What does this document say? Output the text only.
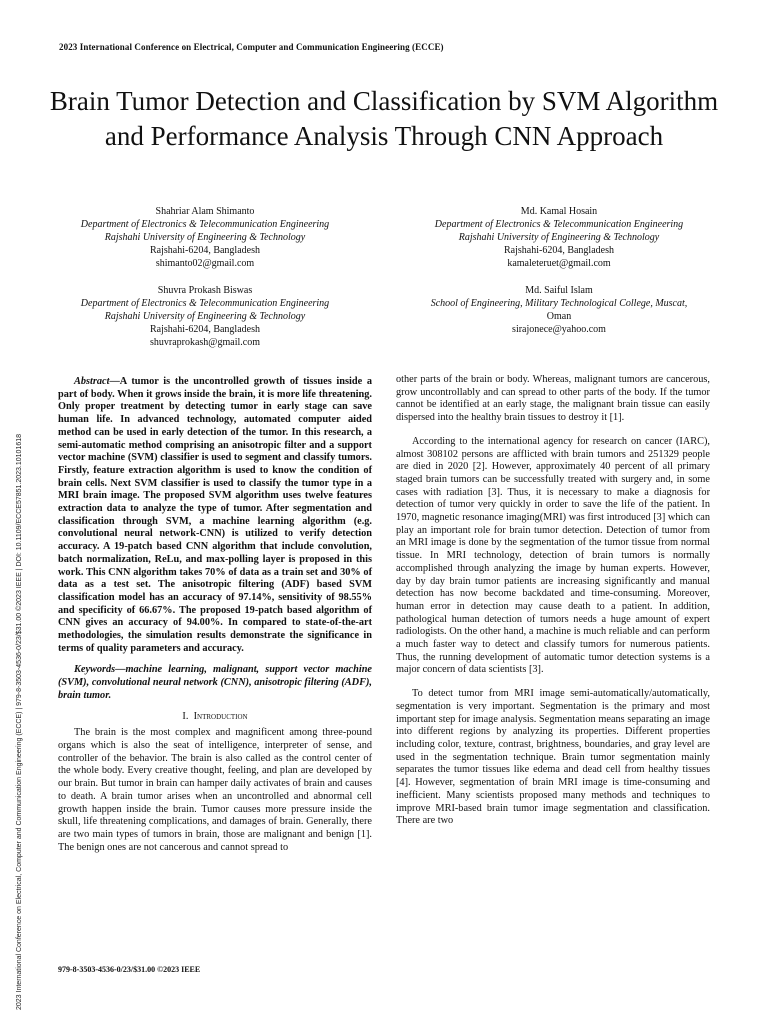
2023 International Conference on Electrical, Computer and Communication Engineering (ECCE)
Brain Tumor Detection and Classification by SVM Algorithm and Performance Analysis Through CNN Approach
Shahriar Alam Shimanto
Department of Electronics & Telecommunication Engineering
Rajshahi University of Engineering & Technology
Rajshahi-6204, Bangladesh
shimanto02@gmail.com
Md. Kamal Hosain
Department of Electronics & Telecommunication Engineering
Rajshahi University of Engineering & Technology
Rajshahi-6204, Bangladesh
kamaleteruet@gmail.com
Shuvra Prokash Biswas
Department of Electronics & Telecommunication Engineering
Rajshahi University of Engineering & Technology
Rajshahi-6204, Bangladesh
shuvraprokash@gmail.com
Md. Saiful Islam
School of Engineering, Military Technological College, Muscat,
Oman
sirajonece@yahoo.com
2023 International Conference on Electrical, Computer and Communication Engineering (ECCE) | 979-8-3503-4536-0/23/$31.00 ©2023 IEEE | DOI: 10.1109/ECCE57851.2023.10101618

Abstract—A tumor is the uncontrolled growth of tissues inside a part of body. When it grows inside the brain, it is more life threatening. Only proper treatment by detecting tumor in early stage can save human life. In advanced technology, automated computer aided method can be used in early detection of the tumor. In this research, a semi-automatic method comprising an anisotropic filter and a support vector machine (SVM) classifier is used to segment and classify tumors. Firstly, feature extraction algorithm is used to know the condition of brain cells. Next SVM classifier is used to classify the tumor type in a MRI brain image. The proposed SVM algorithm uses twelve features extraction data to analyze the type of tumor. After segmentation and classification through SVM, a machine learning algorithm (e.g. convolutional neural network-CNN) is utilized to verify detection accuracy. A 19-patch based CNN algorithm that include convolution, batch normalization, ReLu, and max-polling layer is proposed in this work. This CNN algorithm takes 70% of data as a train set and 30% of data as a test set. The anisotropic filtering (ADF) based SVM classification model has an accuracy of 97.14%, sensitivity of 98.55% and specificity of 66.67%. The proposed 19-patch based algorithm of CNN gives an accuracy of 94.00%. In compared to state-of-the-art methodologies, the simulation results demonstrate the significance in terms of quality parameters and accuracy.

Keywords—machine learning, malignant, support vector machine (SVM), convolutional neural network (CNN), anisotropic filtering (ADF), brain tumor.

I. Introduction

The brain is the most complex and magnificent among three-pound organs which is also the seat of intelligence, interpreter of sense, and controller of the behavior. The brain is also called as the control center of the whole body. Every creative thought, feeling, and plan are developed by our brain. But tumor in brain can hamper daily activates of brain and causes to death. A brain tumor arises when an uncontrolled and abnormal cell growth happen inside the brain. Tumor causes more pressure inside the skull, life threatening complications, and damages of brain. Generally, there are two main types of tumors in brain, those are malignant and benign [1]. The benign ones are not cancerous and cannot spread to

other parts of the brain or body. Whereas, malignant tumors are cancerous, grow uncontrollably and can spread to other parts of the body. If the tumor cannot be identified at an early stage, the malignant brain tissue can easily dispersed into the healthy brain tissues to destroy it [1].

According to the international agency for research on cancer (IARC), almost 308102 persons are afflicted with brain tumors and 251329 people are died in 2020 [2]. However, approximately 40 percent of all primary staged brain tumors can be successfully treated with surgery and, in some cases with radiation [3]. Thus, it is necessary to make a diagnosis for detection of tumor very quickly in order to save the life of the patient. In 1970, magnetic resonance imaging(MRI) was first introduced [3] which can play an important role for brain tumor detection. Detection of tumor from an MRI image is done by the segmentation of the tumor tissue from normal tissue. In MRI technology, detection of brain tumors is normally accomplished through analyzing the image by human experts. However, day by day brain tumor patients are increasing significantly and manual detection has now become backdated and time-consuming. Moreover, human error in detection may cause death to a patient. In addition, pathological human detection of tumors needs a huge amount of expert radiologists. On the other hand, a machine is much reliable and can perform a much faster way to detect and classify tumors for numerous patients. Thus, the running development of automatic tumor detection systems is a major concern of data scientists [3].

To detect tumor from MRI image semi-automatically/automatically, segmentation is very important. Segmentation is the primary and most important step for image analysis. Segmentation means separating an image into different regions by analyzing its properties. Different properties including color, texture, contrast, brightness, boundaries, and gray level are used in the segmentation technique. Brain tumor segmentation mainly separates the tumor tissues like edema and dead cell from healthy tissues [4]. However, segmentation of brain MRI image is time-consuming and inefficient. Many scientists proposed many methods and techniques to improve MRI-based brain tumor image segmentation and classification. There are two

979-8-3503-4536-0/23/$31.00 ©2023 IEEE
